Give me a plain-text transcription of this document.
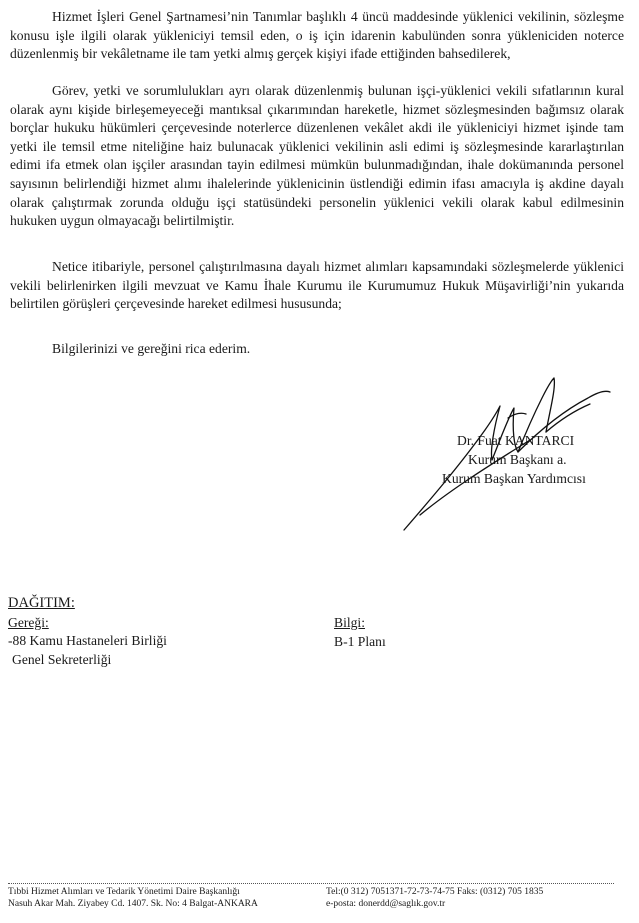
Hizmet İşleri Genel Şartnamesi’nin Tanımlar başlıklı 4 üncü maddesinde yüklenici vekilinin, sözleşme konusu işle ilgili olarak yükleniciyi temsil eden, o iş için idarenin kabulünden sonra yükleniciden noterce düzenlenmiş bir vekâletname ile tam yetki almış gerçek kişiyi ifade ettiğinden bahsedilerek,

Görev, yetki ve sorumlulukları ayrı olarak düzenlenmiş bulunan işçi-yüklenici vekili sıfatlarının kural olarak aynı kişide birleşemeyeceği mantıksal çıkarımından hareketle, hizmet sözleşmesinden bağımsız olarak borçlar hukuku hükümleri çerçevesinde noterlerce düzenlenen vekâlet akdi ile yükleniciyi hizmet işinde tam yetki ile temsil etme niteliğine haiz bulunacak yüklenici vekilinin asli edimi iş sözleşmesinde kararlaştırılan edimi ifa etmek olan işçiler arasından tayin edilmesi mümkün bulunmadığından, ihale dokümanında personel sayısının belirlendiği hizmet alımı ihalelerinde yüklenicinin üstlendiği edimin ifası amacıyla iş akdine dayalı olarak çalıştırmak zorunda olduğu işçi statüsündeki personelin yüklenici vekili olarak kabul edilmesinin hukuken uygun olmayacağı belirtilmiştir.

Netice itibariyle, personel çalıştırılmasına dayalı hizmet alımları kapsamındaki sözleşmelerde yüklenici vekili belirlenirken ilgili mevzuat ve Kamu İhale Kurumu ile Kurumumuz Hukuk Müşavirliği’nin yukarıda belirtilen görüşleri çerçevesinde hareket edilmesi hususunda;

Bilgilerinizi ve gereğini rica ederim.

Dr. Fuat KANTARCI
Kurum Başkanı a.
Kurum Başkan Yardımcısı
DAĞITIM:
Gereği:
-88 Kamu Hastaneleri Birliği
Genel Sekreterliği
Bilgi:
B-1 Planı
Tıbbi Hizmet Alımları ve Tedarik Yönetimi Daire Başkanlığı
Nasuh Akar Mah. Ziyabey Cd. 1407. Sk. No: 4 Balgat-ANKARA
Tel:(0 312) 7051371-72-73-74-75 Faks: (0312) 705 1835
e-posta: donerdd@saglık.gov.tr
